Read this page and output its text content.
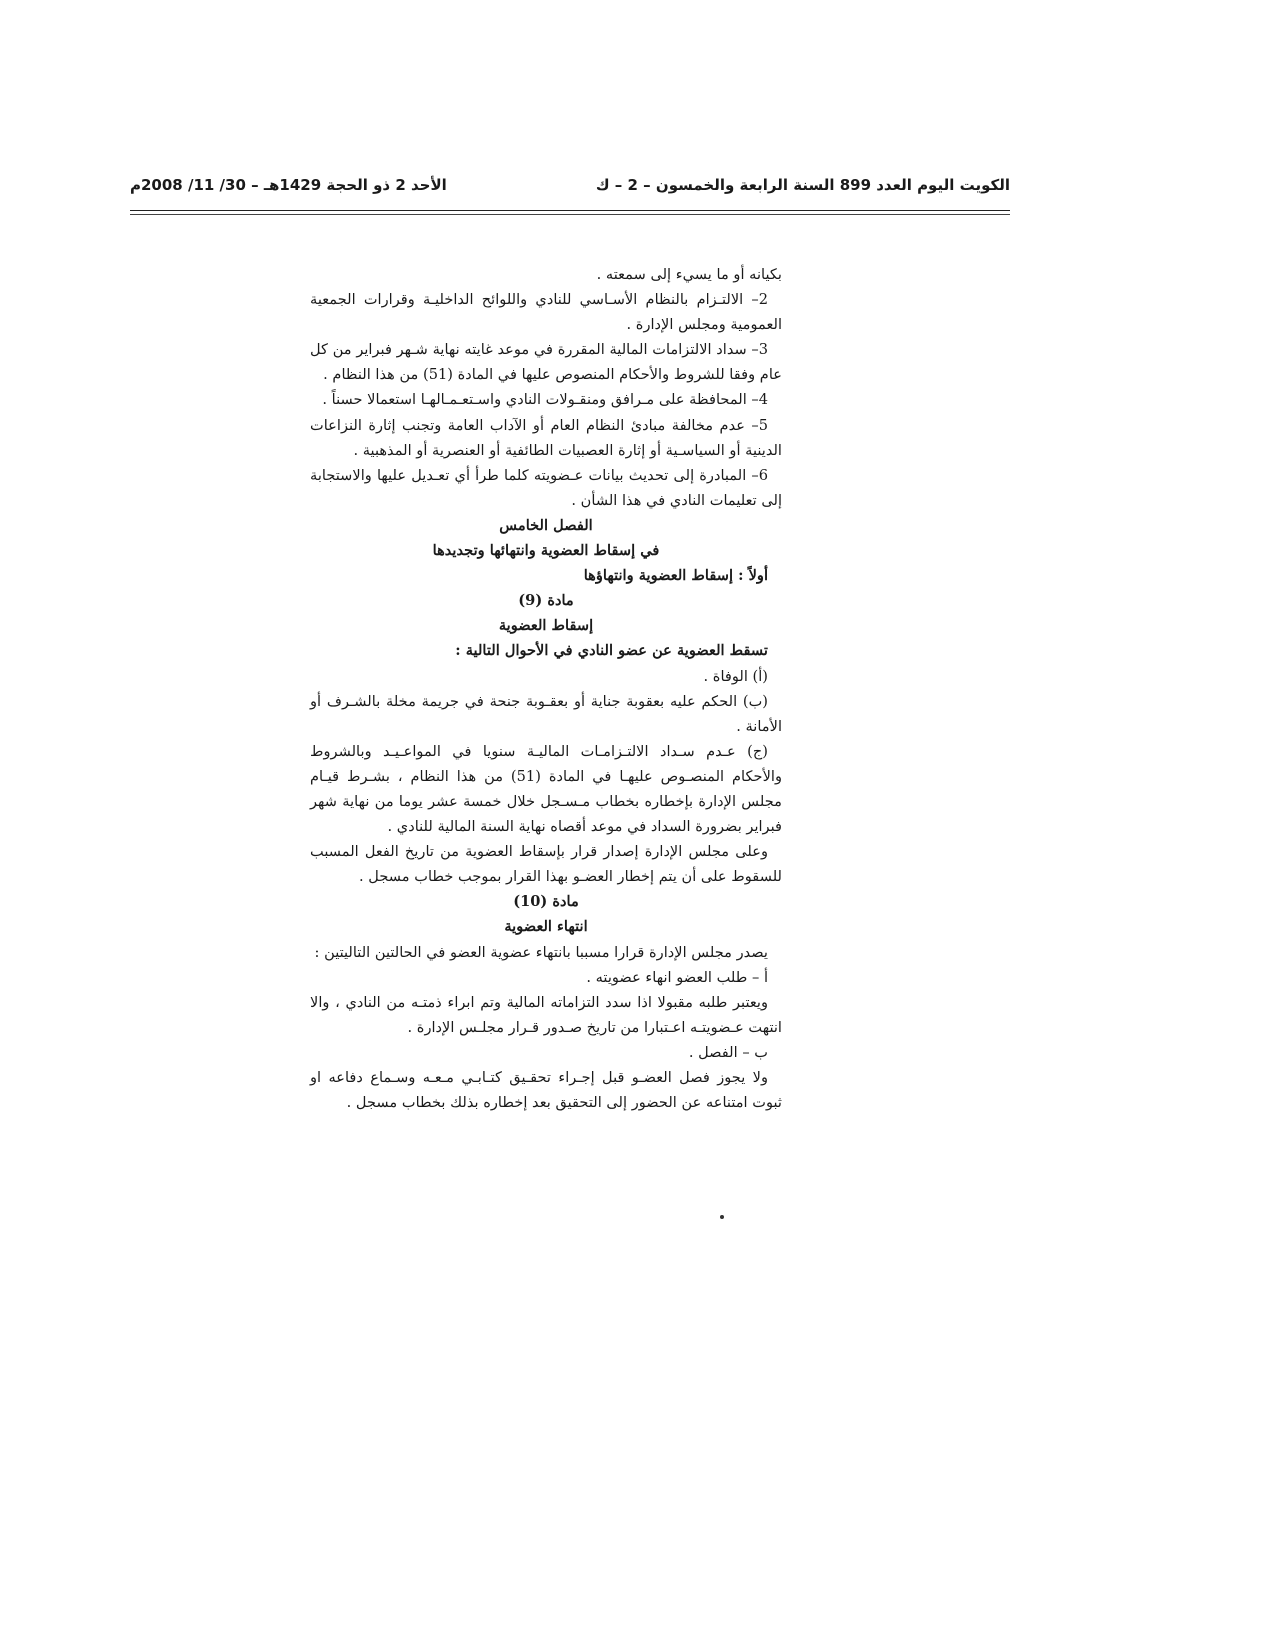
الكويت اليوم العدد 899 السنة الرابعة والخمسون – 2 – ك
الأحد 2 ذو الحجة 1429هـ – 30/ 11/ 2008م

بكيانه أو ما يسيء إلى سمعته .

2– الالتـزام بالنظام الأسـاسي للنادي واللوائح الداخليـة وقرارات الجمعية العمومية ومجلس الإدارة .

3– سداد الالتزامات المالية المقررة في موعد غايته نهاية شـهر فبراير من كل عام وفقا للشروط والأحكام المنصوص عليها في المادة (51) من هذا النظام .

4– المحافظة على مـرافق ومنقـولات النادي واسـتعـمـالهـا استعمالا حسناً .

5– عدم مخالفة مبادئ النظام العام أو الآداب العامة وتجنب إثارة النزاعات الدينية أو السياسـية أو إثارة العصبيات الطائفية أو العنصرية أو المذهبية .

6– المبادرة إلى تحديث بيانات عـضويته كلما طرأ أي تعـديل عليها والاستجابة إلى تعليمات النادي في هذا الشأن .

الفصل الخامس

في إسقاط العضوية وانتهائها وتجديدها

أولاً : إسقاط العضوية وانتهاؤها

مادة (9)

إسقاط العضوية

تسقط العضوية عن عضو النادي في الأحوال التالية :

(أ) الوفاة .

(ب) الحكم عليه بعقوبة جناية أو بعقـوبة جنحة في جريمة مخلة بالشـرف أو الأمانة .

(ج) عـدم سـداد الالتـزامـات الماليـة سنويا في المواعـيـد وبالشروط والأحكام المنصـوص عليهـا في المادة (51) من هذا النظام ، بشـرط قيـام مجلس الإدارة بإخطاره بخطاب مـسـجل خلال خمسة عشر يوما من نهاية شهر فبراير بضرورة السداد في موعد أقصاه نهاية السنة المالية للنادي .

وعلى مجلس الإدارة إصدار قرار بإسقاط العضوية من تاريخ الفعل المسبب للسقوط على أن يتم إخطار العضـو بهذا القرار بموجب خطاب مسجل .

مادة (10)

انتهاء العضوية

يصدر مجلس الإدارة قرارا مسببا بانتهاء عضوية العضو في الحالتين التاليتين :

أ – طلب العضو انهاء عضويته .

ويعتبر طلبه مقبولا اذا سدد التزاماته المالية وتم ابراء ذمتـه من النادي ، والا انتهت عـضويتـه اعـتبارا من تاريخ صـدور قـرار مجلـس الإدارة .

ب – الفصل .

ولا يجوز فصل العضـو قبل إجـراء تحقـيق كتـابـي مـعـه وسـماع دفاعه او ثبوت امتناعه عن الحضور إلى التحقيق بعد إخطاره بذلك بخطاب مسجل .
